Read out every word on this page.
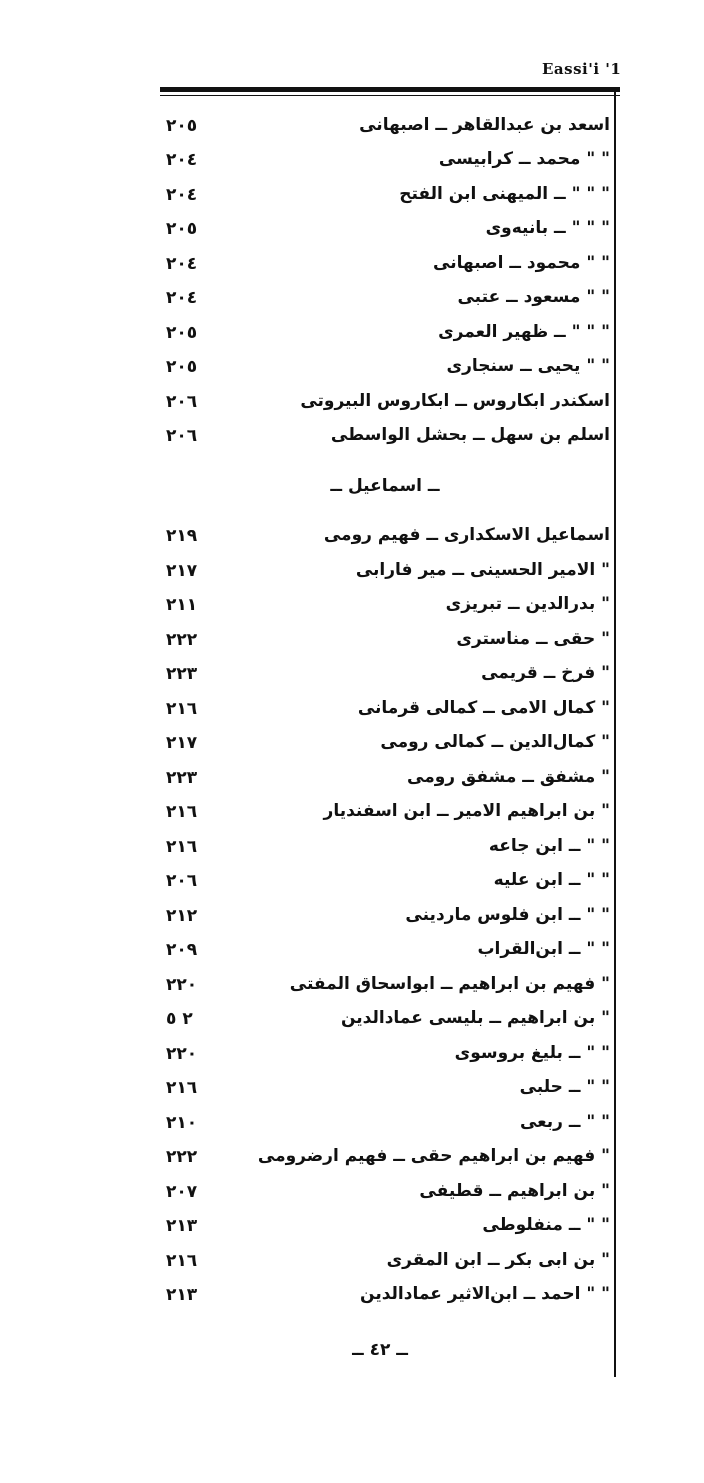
Eassi'i '1
اسعد بن عبدالقاهر ــ اصبهانی
٢٠٥
" " محمد ــ كرابيسى
٢٠٤
" " " ــ الميهنى ابن الفتح
٢٠٤
" " " ــ بانيه‌وى
٢٠٥
" " محمود ــ اصبهانى
٢٠٤
" " مسعود ــ عتبى
٢٠٤
" " " ــ ظهير العمرى
٢٠٥
" " يحيى ــ سنجارى
٢٠٥
اسكندر ابكاروس ــ ابكاروس البيروتى
٢٠٦
اسلم بن سهل ــ بحشل الواسطى
٢٠٦
ــ اسماعيل ــ
اسماعيل الاسكدارى ــ فهيم رومى
٢١٩
" الامير الحسينى ــ مير فارابى
٢١٧
" بدرالدين ــ تبريزى
٢١١
" حقى ــ مناسترى
٢٢٢
" فرخ ــ قريمى
٢٢٣
" كمال الامى ــ كمالى قرمانى
٢١٦
" كمال‌الدين ــ كمالى رومى
٢١٧
" مشفق ــ مشفق رومى
٢٢٣
" بن ابراهيم الامير ــ ابن اسفنديار
٢١٦
" " ــ ابن جاعه
٢١٦
" " ــ ابن عليه
٢٠٦
" " ــ ابن فلوس ماردينى
٢١٢
" " ــ ابن‌القراب
٢٠٩
" فهيم بن ابراهيم ــ ابواسحاق المفتى
٢٢٠
" بن ابراهيم ــ بليسى عمادالدين
٢ ٥
" " ــ بليغ بروسوى
٢٢٠
" " ــ حلبى
٢١٦
" " ــ ربعى
٢١٠
" فهيم بن ابراهيم حقى ــ فهيم ارضرومى
٢٢٢
" بن ابراهيم ــ قطيفى
٢٠٧
" " ــ منفلوطى
٢١٣
" بن ابى بكر ــ ابن المقرى
٢١٦
" " احمد ــ ابن‌الاثير عمادالدين
٢١٣
ــ ٤٢ ــ
